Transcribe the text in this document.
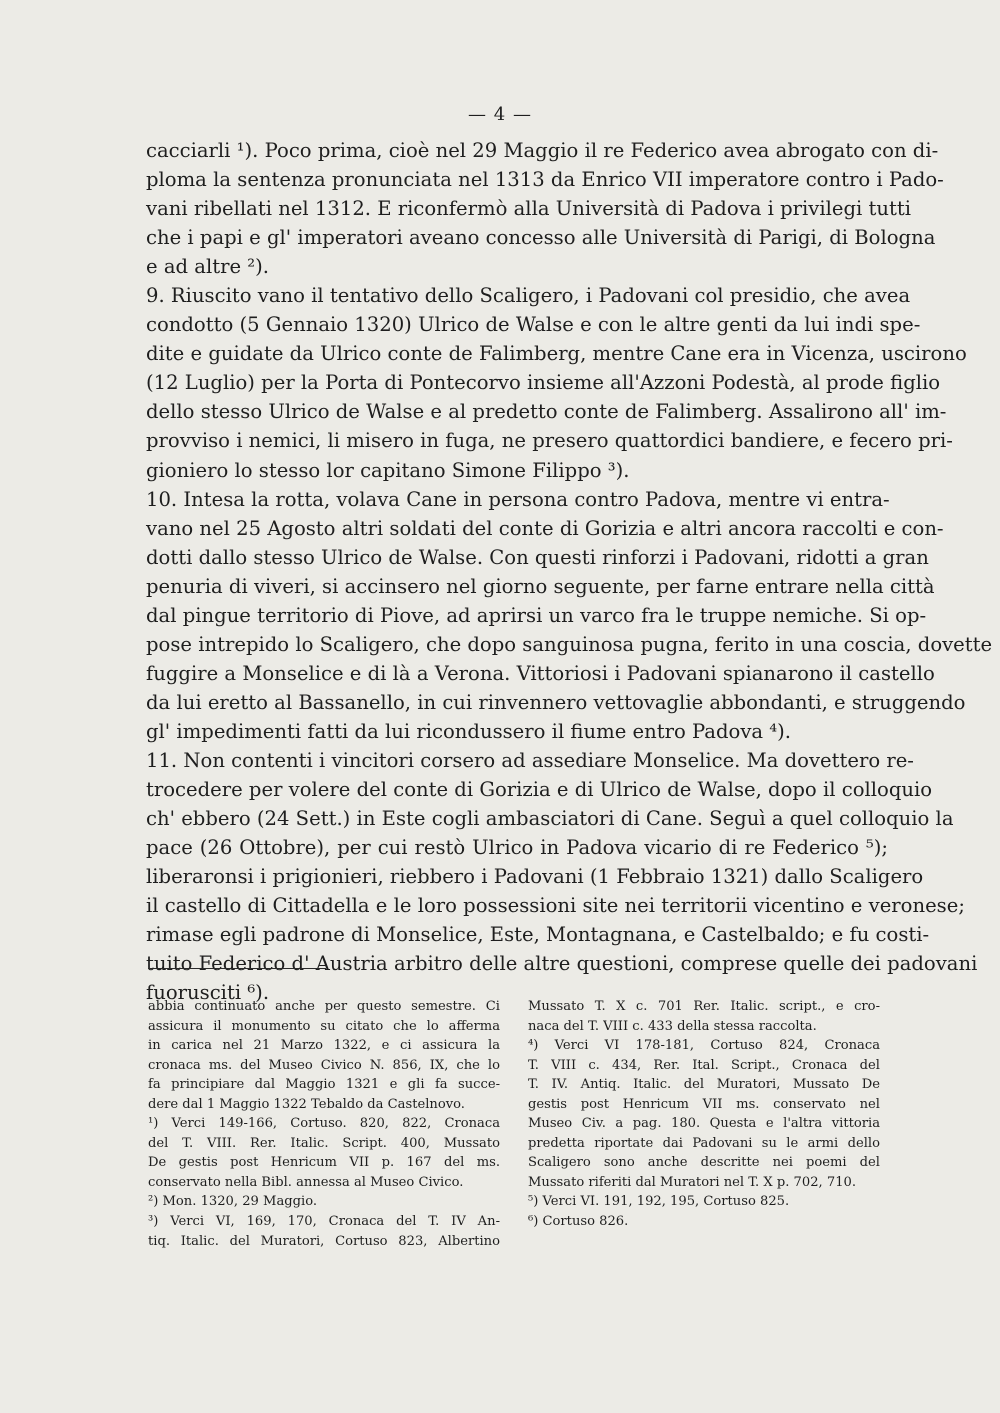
— 4 —
cacciarli ¹). Poco prima, cioè nel 29 Maggio il re Federico avea abrogato con di-
ploma la sentenza pronunciata nel 1313 da Enrico VII imperatore contro i Pado-
vani ribellati nel 1312. E riconfermò alla Università di Padova i privilegi tutti
che i papi e gl' imperatori aveano concesso alle Università di Parigi, di Bologna
e ad altre ²).
9. Riuscito vano il tentativo dello Scaligero, i Padovani col presidio, che avea
condotto (5 Gennaio 1320) Ulrico de Walse e con le altre genti da lui indi spe-
dite e guidate da Ulrico conte de Falimberg, mentre Cane era in Vicenza, uscirono
(12 Luglio) per la Porta di Pontecorvo insieme all'Azzoni Podestà, al prode figlio
dello stesso Ulrico de Walse e al predetto conte de Falimberg. Assalirono all' im-
provviso i nemici, li misero in fuga, ne presero quattordici bandiere, e fecero pri-
gioniero lo stesso lor capitano Simone Filippo ³).
10. Intesa la rotta, volava Cane in persona contro Padova, mentre vi entra-
vano nel 25 Agosto altri soldati del conte di Gorizia e altri ancora raccolti e con-
dotti dallo stesso Ulrico de Walse. Con questi rinforzi i Padovani, ridotti a gran
penuria di viveri, si accinsero nel giorno seguente, per farne entrare nella città
dal pingue territorio di Piove, ad aprirsi un varco fra le truppe nemiche. Si op-
pose intrepido lo Scaligero, che dopo sanguinosa pugna, ferito in una coscia, dovette
fuggire a Monselice e di là a Verona. Vittoriosi i Padovani spianarono il castello
da lui eretto al Bassanello, in cui rinvennero vettovaglie abbondanti, e struggendo
gl' impedimenti fatti da lui ricondussero il fiume entro Padova ⁴).
11. Non contenti i vincitori corsero ad assediare Monselice. Ma dovettero re-
trocedere per volere del conte di Gorizia e di Ulrico de Walse, dopo il colloquio
ch' ebbero (24 Sett.) in Este cogli ambasciatori di Cane. Seguì a quel colloquio la
pace (26 Ottobre), per cui restò Ulrico in Padova vicario di re Federico ⁵);
liberaronsi i prigionieri, riebbero i Padovani (1 Febbraio 1321) dallo Scaligero
il castello di Cittadella e le loro possessioni site nei territorii vicentino e veronese;
rimase egli padrone di Monselice, Este, Montagnana, e Castelbaldo; e fu costi-
tuito Federico d' Austria arbitro delle altre questioni, comprese quelle dei padovani
fuorusciti ⁶).
abbia continuato anche per questo semestre. Ci
assicura il monumento su citato che lo afferma
in carica nel 21 Marzo 1322, e ci assicura la
cronaca ms. del Museo Civico N. 856, IX, che lo
fa principiare dal Maggio 1321 e gli fa succe-
dere dal 1 Maggio 1322 Tebaldo da Castelnovo.
¹) Verci 149-166, Cortuso. 820, 822, Cronaca
del T. VIII. Rer. Italic. Script. 400, Mussato
De gestis post Henricum VII p. 167 del ms.
conservato nella Bibl. annessa al Museo Civico.
²) Mon. 1320, 29 Maggio.
³) Verci VI, 169, 170, Cronaca del T. IV An-
tiq. Italic. del Muratori, Cortuso 823, Albertino
Mussato T. X c. 701 Rer. Italic. script., e cro-
naca del T. VIII c. 433 della stessa raccolta.
⁴) Verci VI 178-181, Cortuso 824, Cronaca
T. VIII c. 434, Rer. Ital. Script., Cronaca del
T. IV. Antiq. Italic. del Muratori, Mussato De
gestis post Henricum VII ms. conservato nel
Museo Civ. a pag. 180. Questa e l'altra vittoria
predetta riportate dai Padovani su le armi dello
Scaligero sono anche descritte nei poemi del
Mussato riferiti dal Muratori nel T. X p. 702, 710.
⁵) Verci VI. 191, 192, 195, Cortuso 825.
⁶) Cortuso 826.
